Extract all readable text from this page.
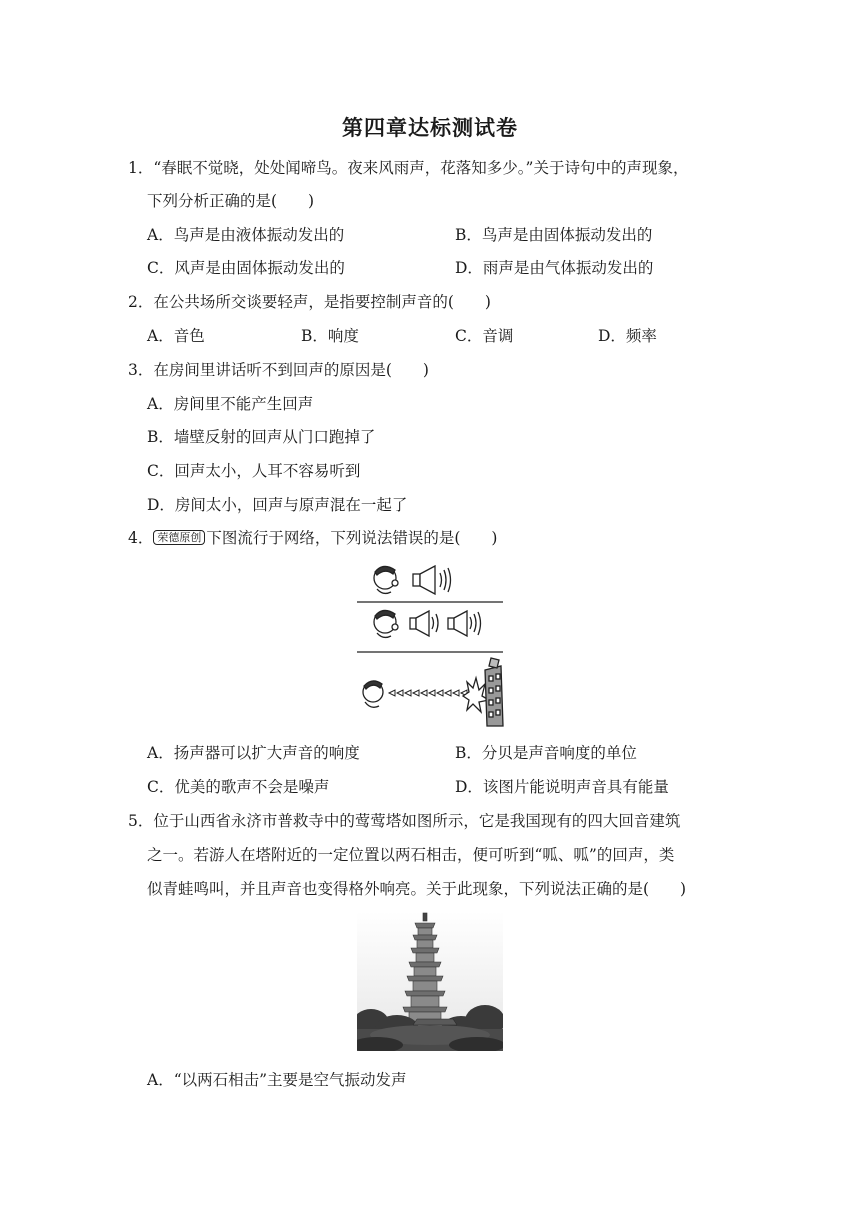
第四章达标测试卷
1．“春眠不觉晓，处处闻啼鸟。夜来风雨声，花落知多少。”关于诗句中的声现象，
下列分析正确的是(　　)
A．鸟声是由液体振动发出的	B．鸟声是由固体振动发出的
C．风声是由固体振动发出的	D．雨声是由气体振动发出的
2．在公共场所交谈要轻声，是指要控制声音的(　　)
A．音色	B．响度	C．音调	D．频率
3．在房间里讲话听不到回声的原因是(　　)
A．房间里不能产生回声
B．墙壁反射的回声从门口跑掉了
C．回声太小，人耳不容易听到
D．房间太小，回声与原声混在一起了
4． 荣德原创 下图流行于网络，下列说法错误的是(　　)
A．扬声器可以扩大声音的响度	B．分贝是声音响度的单位
C．优美的歌声不会是噪声	D．该图片能说明声音具有能量
5．位于山西省永济市普救寺中的莺莺塔如图所示，它是我国现有的四大回音建筑
之一。若游人在塔附近的一定位置以两石相击，便可听到“呱、呱”的回声，类
似青蛙鸣叫，并且声音也变得格外响亮。关于此现象，下列说法正确的是(　　)
A．“以两石相击”主要是空气振动发声
